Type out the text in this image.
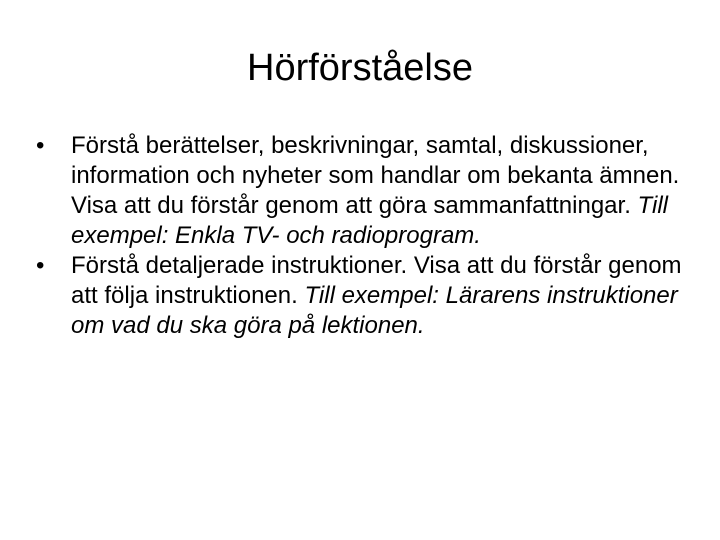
Hörförståelse
•	Förstå berättelser, beskrivningar, samtal, diskussioner, information och nyheter som handlar om bekanta ämnen. Visa att du förstår genom att göra sammanfattningar. Till exempel: Enkla TV- och radioprogram.
•	Förstå detaljerade instruktioner. Visa att du förstår genom att följa instruktionen. Till exempel: Lärarens instruktioner om vad du ska göra på lektionen.
